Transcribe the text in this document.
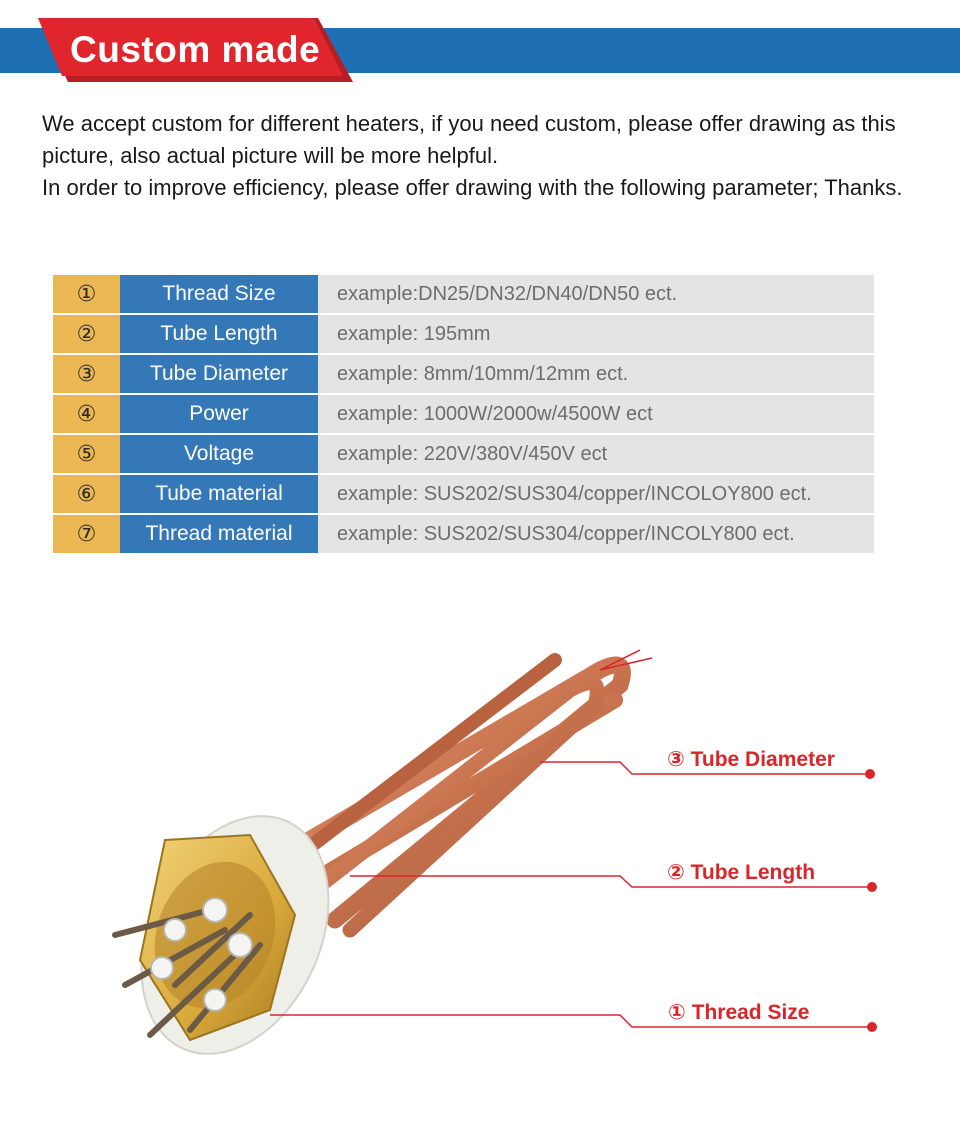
Custom made

We accept custom for different heaters, if you need custom, please offer drawing as this picture, also actual picture will be more helpful.

In order to improve efficiency, please offer drawing with the following parameter; Thanks.

①	Thread Size	example:DN25/DN32/DN40/DN50 ect.
②	Tube Length	example: 195mm
③	Tube Diameter	example: 8mm/10mm/12mm ect.
④	Power	example: 1000W/2000w/4500W ect
⑤	Voltage	example: 220V/380V/450V ect
⑥	Tube material	example: SUS202/SUS304/copper/INCOLOY800 ect.
⑦	Thread material	example: SUS202/SUS304/copper/INCOLY800 ect.
③ Tube Diameter
② Tube Length
① Thread Size
